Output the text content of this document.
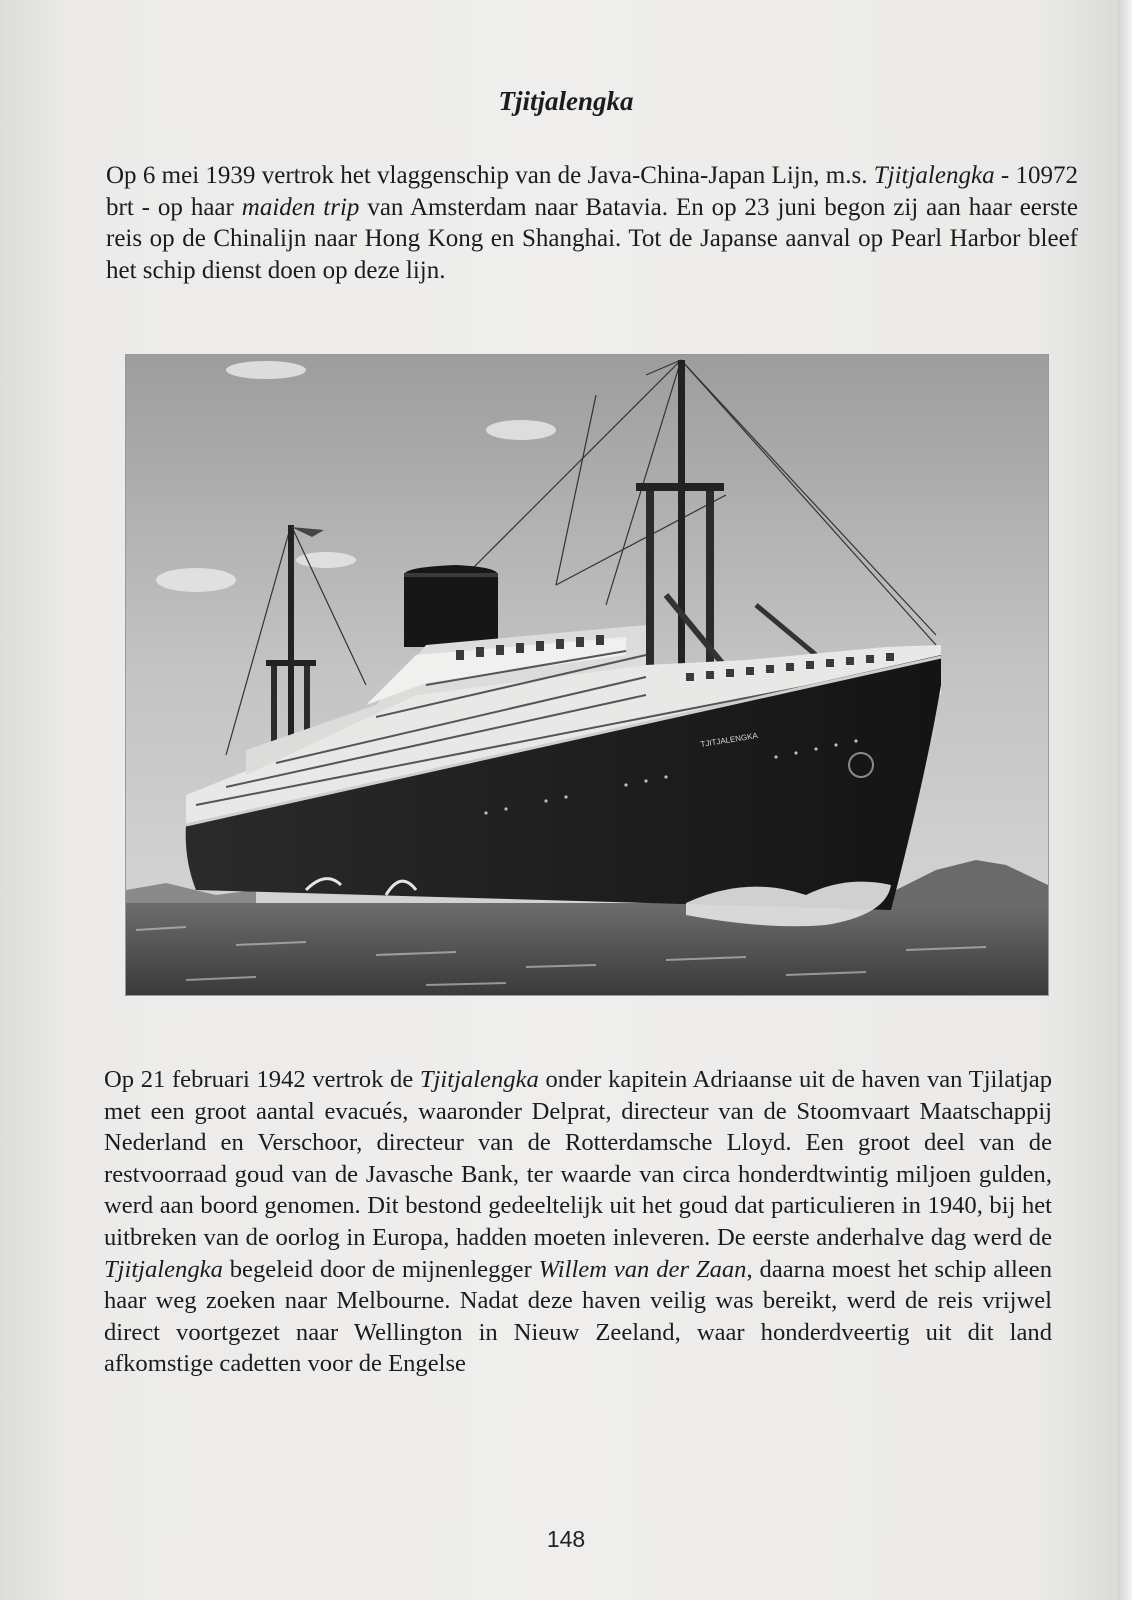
Tjitjalengka

Op 6 mei 1939 vertrok het vlaggenschip van de Java-China-Japan Lijn, m.s. Tjitjalengka - 10972 brt - op haar maiden trip van Amsterdam naar Batavia. En op 23 juni begon zij aan haar eerste reis op de Chinalijn naar Hong Kong en Shanghai. Tot de Japanse aanval op Pearl Harbor bleef het schip dienst doen op deze lijn.

TJITJALENGKA

Op 21 februari 1942 vertrok de Tjitjalengka onder kapitein Adriaanse uit de haven van Tjilatjap met een groot aantal evacués, waaronder Delprat, directeur van de Stoomvaart Maatschappij Nederland en Verschoor, directeur van de Rotterdamsche Lloyd. Een groot deel van de restvoorraad goud van de Javasche Bank, ter waarde van circa honderdtwintig miljoen gulden, werd aan boord genomen. Dit bestond gedeeltelijk uit het goud dat particulieren in 1940, bij het uitbreken van de oorlog in Europa, hadden moeten inleveren. De eerste anderhalve dag werd de Tjitjalengka begeleid door de mijnenlegger Willem van der Zaan, daarna moest het schip alleen haar weg zoeken naar Melbourne. Nadat deze haven veilig was bereikt, werd de reis vrijwel direct voortgezet naar Wellington in Nieuw Zeeland, waar honderdveertig uit dit land afkomstige cadetten voor de Engelse

148
